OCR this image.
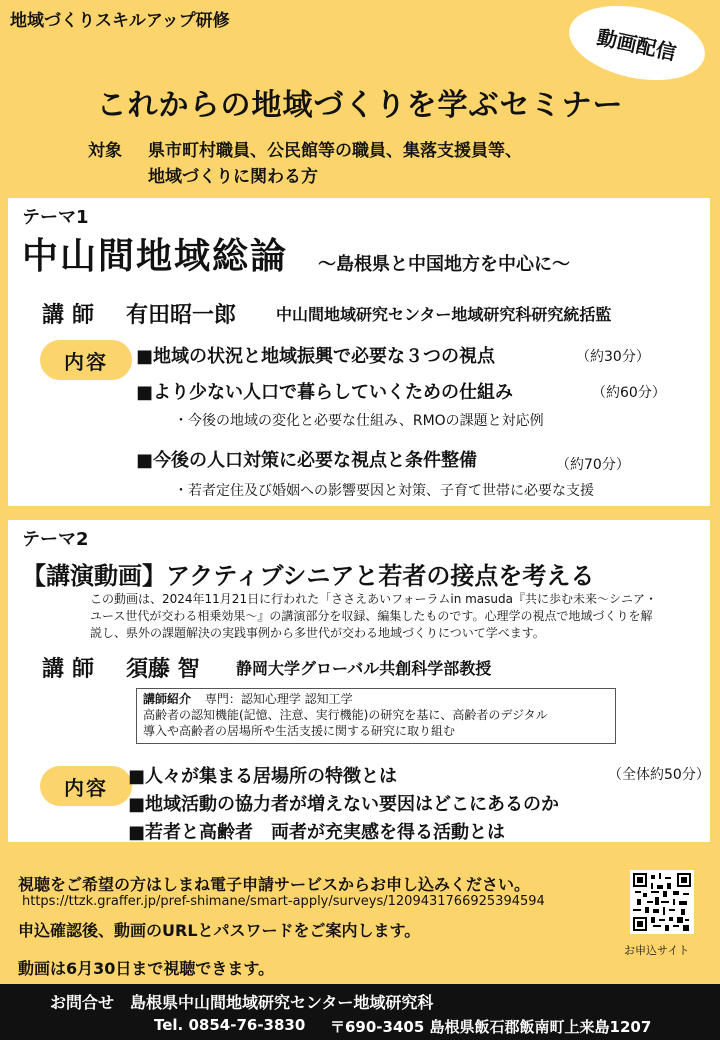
地域づくりスキルアップ研修
動画配信
これからの地域づくりを学ぶセミナー
対象 県市町村職員、公民館等の職員、集落支援員等、
地域づくりに関わる方
テーマ1
中山間地域総論 ～島根県と中国地方を中心に～
講師 有田昭一郎 中山間地域研究センター地域研究科研究統括監
内容 ■地域の状況と地域振興で必要な３つの視点	（約30分）
■より少ない人口で暮らしていくための仕組み	（約60分）
・今後の地域の変化と必要な仕組み、RMOの課題と対応例
■今後の人口対策に必要な視点と条件整備	（約70分）
・若者定住及び婚姻への影響要因と対策、子育て世帯に必要な支援
テーマ2
【講演動画】アクティブシニアと若者の接点を考える
この動画は、2024年11月21日に行われた「ささえあいフォーラムin masuda『共に歩む未来～シニア・
ユース世代が交わる相乗効果～』の講演部分を収録、編集したものです。心理学の視点で地域づくりを解
説し、県外の課題解決の実践事例から多世代が交わる地域づくりについて学べます。
講師 須藤 智 静岡大学グローバル共創科学部教授
講師紹介 専門：認知心理学 認知工学
高齢者の認知機能(記憶、注意、実行機能)の研究を基に、高齢者のデジタル
導入や高齢者の居場所や生活支援に関する研究に取り組む
内容
（全体約50分）
■人々が集まる居場所の特徴とは
■地域活動の協力者が増えない要因はどこにあるのか
■若者と高齢者　両者が充実感を得る活動とは
視聴をご希望の方はしまね電子申請サービスからお申し込みください。
https://ttzk.graffer.jp/pref-shimane/smart-apply/surveys/1209431766925394594
申込確認後、動画のURLとパスワードをご案内します。
動画は6月30日まで視聴できます。
お申込サイト
お問合せ　島根県中山間地域研究センター地域研究科
Tel. 0854-76-3830 〒690-3405 島根県飯石郡飯南町上来島1207
